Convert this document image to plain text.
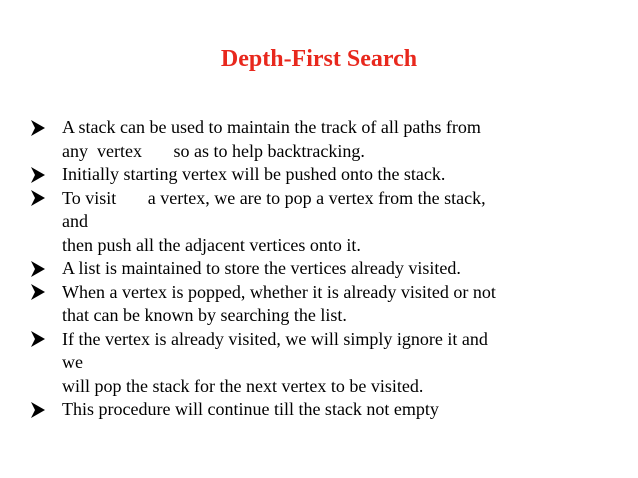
Depth-First Search
A stack can be used to maintain the track of all paths from
any  vertex       so as to help backtracking.
Initially starting vertex will be pushed onto the stack.
To visit       a vertex, we are to pop a vertex from the stack,
and
then push all the adjacent vertices onto it.
A list is maintained to store the vertices already visited.
When a vertex is popped, whether it is already visited or not
that can be known by searching the list.
If the vertex is already visited, we will simply ignore it and
we
will pop the stack for the next vertex to be visited.
This procedure will continue till the stack not empty
